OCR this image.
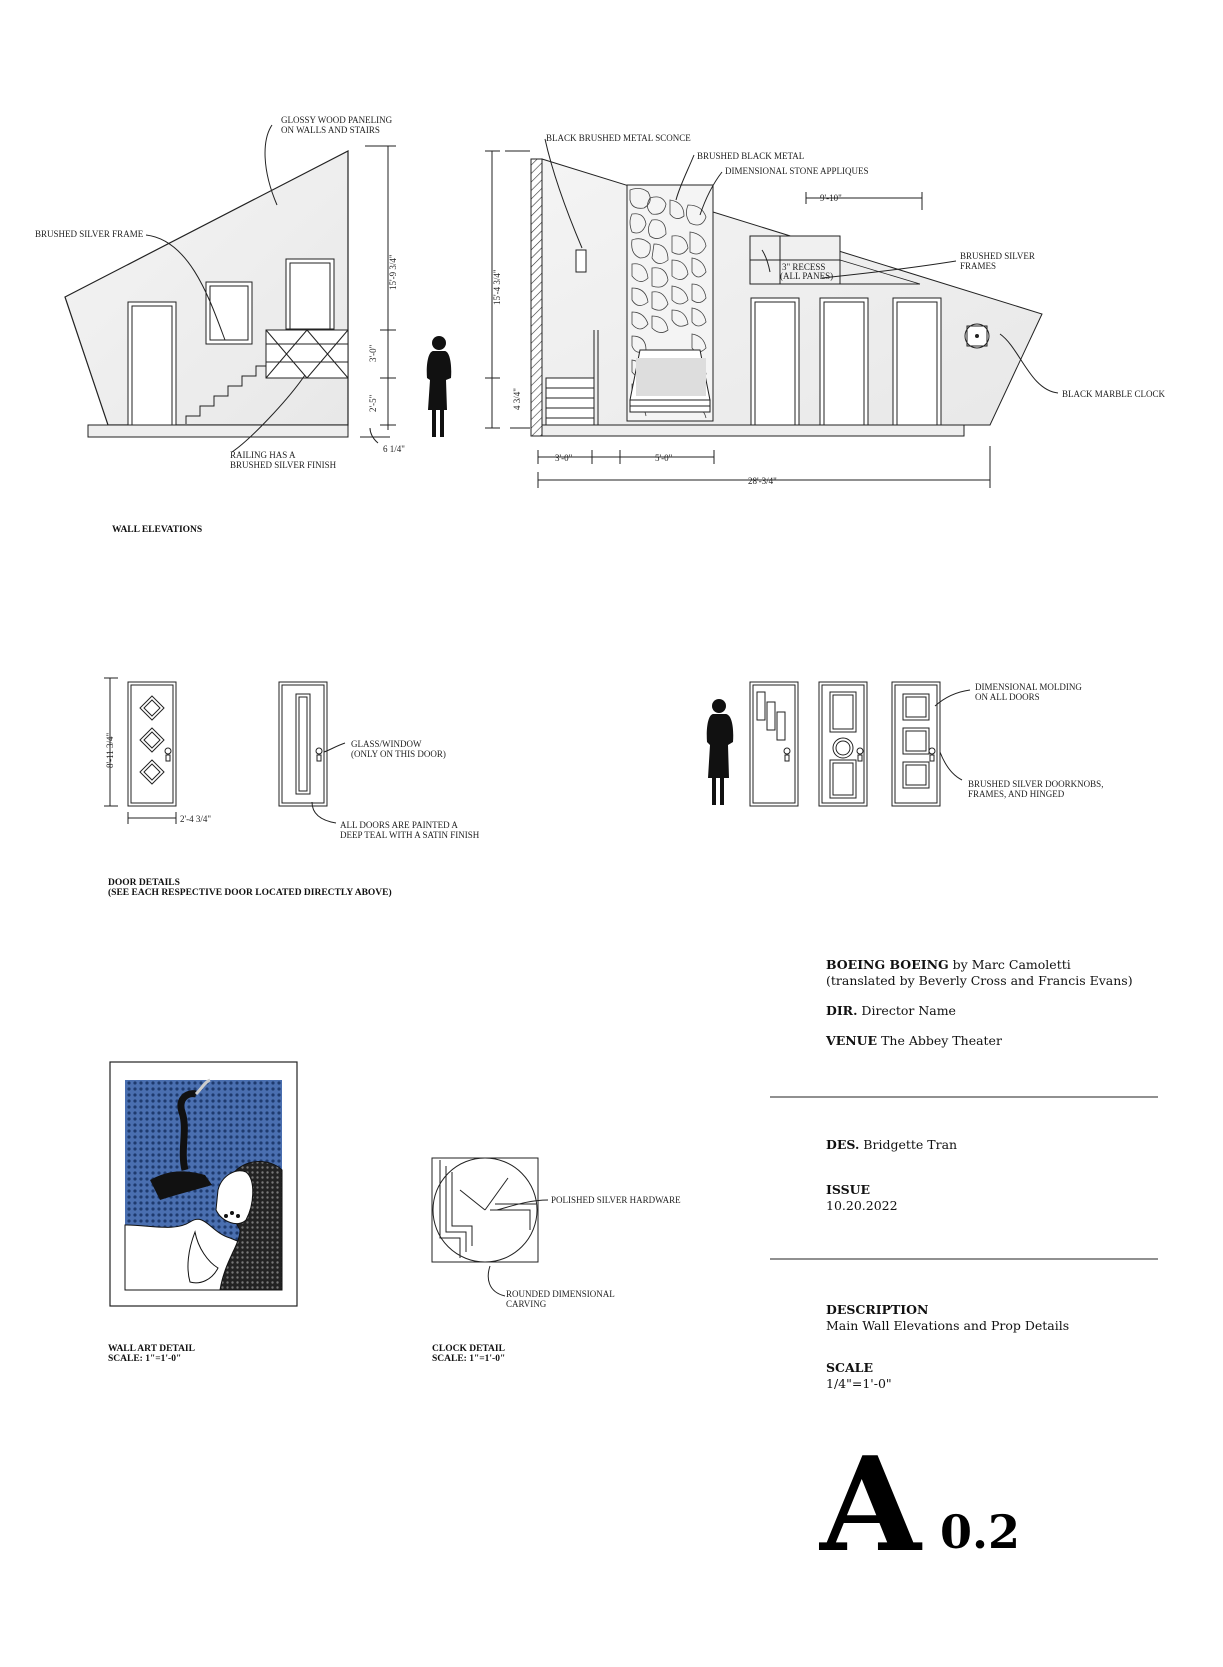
GLOSSY WOOD PANELING
ON WALLS AND STAIRS
BRUSHED SILVER FRAME
RAILING HAS A
BRUSHED SILVER FINISH
BLACK BRUSHED METAL SCONCE
BRUSHED BLACK METAL
DIMENSIONAL STONE APPLIQUES
BRUSHED SILVER
FRAMES
3" RECESS
(ALL PANES)
BLACK MARBLE CLOCK
GLASS/WINDOW
(ONLY ON THIS DOOR)
ALL DOORS ARE PAINTED A
DEEP TEAL WITH A SATIN FINISH
DIMENSIONAL MOLDING
ON ALL DOORS
BRUSHED SILVER DOORKNOBS,
FRAMES, AND HINGED
POLISHED SILVER HARDWARE
ROUNDED DIMENSIONAL
CARVING
15'-9 3/4"
3'-0"
2'-5"
6 1/4"
15'-4 3/4"
4 3/4"
9'-10"
3'-0"	5'-0"
28'-3/4"
8'-11 3/4"
2'-4 3/4"
WALL ELEVATIONS
DOOR DETAILS
(SEE EACH RESPECTIVE DOOR LOCATED DIRECTLY ABOVE)
WALL ART DETAIL
SCALE: 1"=1'-0"
CLOCK DETAIL
SCALE: 1"=1'-0"
BOEING BOEING by Marc Camoletti
(translated by Beverly Cross and Francis Evans)
DIR. Director Name
VENUE The Abbey Theater
DES. Bridgette Tran
ISSUE
10.20.2022
DESCRIPTION
Main Wall Elevations and Prop Details
SCALE
1/4"=1'-0"
A 0.2
